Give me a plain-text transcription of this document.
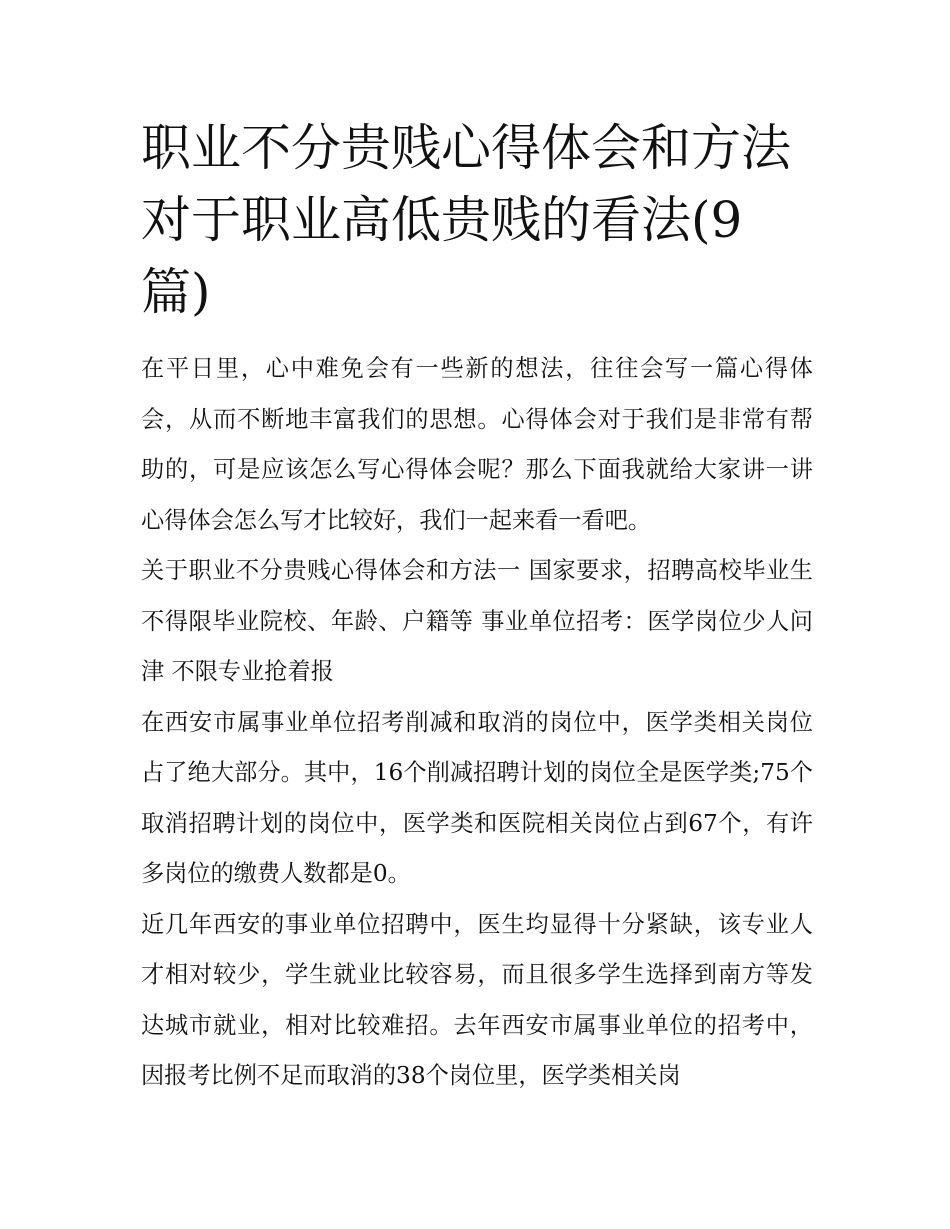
职业不分贵贱心得体会和方法对于职业高低贵贱的看法(9篇)

在平日里，心中难免会有一些新的想法，往往会写一篇心得体会，从而不断地丰富我们的思想。心得体会对于我们是非常有帮助的，可是应该怎么写心得体会呢？那么下面我就给大家讲一讲心得体会怎么写才比较好，我们一起来看一看吧。

关于职业不分贵贱心得体会和方法一 国家要求，招聘高校毕业生不得限毕业院校、年龄、户籍等 事业单位招考：医学岗位少人问津 不限专业抢着报

在西安市属事业单位招考削减和取消的岗位中，医学类相关岗位占了绝大部分。其中，16个削减招聘计划的岗位全是医学类;75个取消招聘计划的岗位中，医学类和医院相关岗位占到67个，有许多岗位的缴费人数都是0。

近几年西安的事业单位招聘中，医生均显得十分紧缺，该专业人才相对较少，学生就业比较容易，而且很多学生选择到南方等发达城市就业，相对比较难招。去年西安市属事业单位的招考中，因报考比例不足而取消的38个岗位里，医学类相关岗
